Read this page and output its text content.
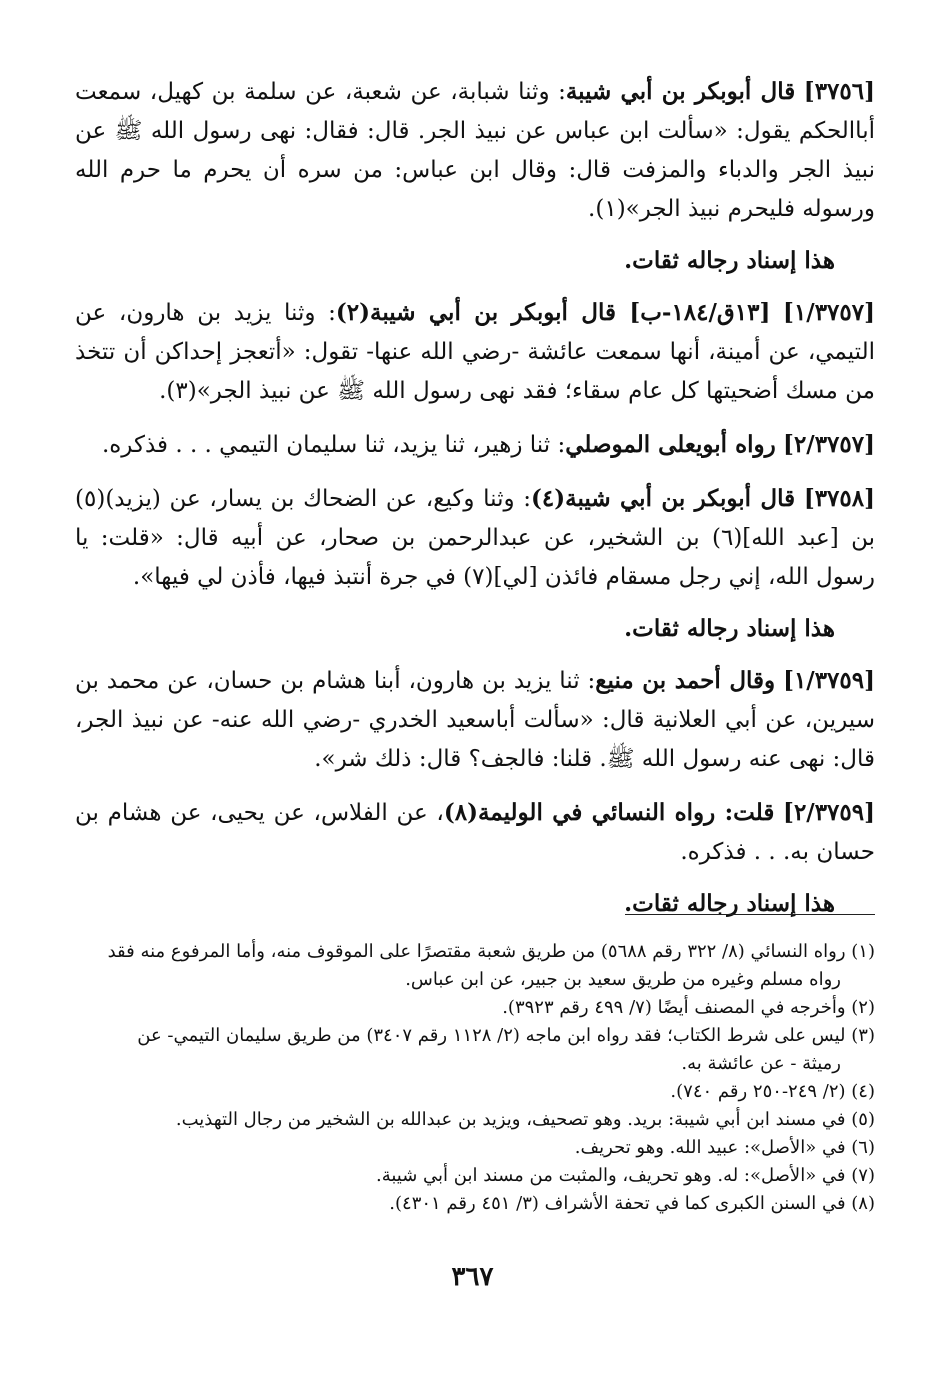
[٣٧٥٦] قال أبوبكر بن أبي شيبة: وثنا شبابة، عن شعبة، عن سلمة بن كهيل، سمعت أباالحكم يقول: «سألت ابن عباس عن نبيذ الجر. قال: فقال: نهى رسول الله ﷺ عن نبيذ الجر والدباء والمزفت قال: وقال ابن عباس: من سره أن يحرم ما حرم الله ورسوله فليحرم نبيذ الجر»(١).

هذا إسناد رجاله ثقات.

[١/٣٧٥٧] [١٣ق/١٨٤-ب] قال أبوبكر بن أبي شيبة(٢): وثنا يزيد بن هارون، عن التيمي، عن أمينة، أنها سمعت عائشة -رضي الله عنها- تقول: «أتعجز إحداكن أن تتخذ من مسك أضحيتها كل عام سقاء؛ فقد نهى رسول الله ﷺ عن نبيذ الجر»(٣).

[٢/٣٧٥٧] رواه أبويعلى الموصلي: ثنا زهير، ثنا يزيد، ثنا سليمان التيمي . . . فذكره.

[٣٧٥٨] قال أبوبكر بن أبي شيبة(٤): وثنا وكيع، عن الضحاك بن يسار، عن (يزيد)(٥) بن [عبد الله](٦) بن الشخير، عن عبدالرحمن بن صحار، عن أبيه قال: «قلت: يا رسول الله، إني رجل مسقام فائذن [لي](٧) في جرة أنتبذ فيها، فأذن لي فيها».

هذا إسناد رجاله ثقات.

[١/٣٧٥٩] وقال أحمد بن منيع: ثنا يزيد بن هارون، أبنا هشام بن حسان، عن محمد بن سيرين، عن أبي العلانية قال: «سألت أباسعيد الخدري -رضي الله عنه- عن نبيذ الجر، قال: نهى عنه رسول الله ﷺ. قلنا: فالجف؟ قال: ذلك شر».

[٢/٣٧٥٩] قلت: رواه النسائي في الوليمة(٨)، عن الفلاس، عن يحيى، عن هشام بن حسان به. . . فذكره.

هذا إسناد رجاله ثقات.

(١) رواه النسائي (٨/ ٣٢٢ رقم ٥٦٨٨) من طريق شعبة مقتصرًا على الموقوف منه، وأما المرفوع منه فقد
رواه مسلم وغيره من طريق سعيد بن جبير، عن ابن عباس.

(٢) وأخرجه في المصنف أيضًا (٧/ ٤٩٩ رقم ٣٩٢٣).

(٣) ليس على شرط الكتاب؛ فقد رواه ابن ماجه (٢/ ١١٢٨ رقم ٣٤٠٧) من طريق سليمان التيمي- عن
رميثة - عن عائشة به.

(٤) (٢/ ٢٤٩-٢٥٠ رقم ٧٤٠).

(٥) في مسند ابن أبي شيبة: بريد. وهو تصحيف، ويزيد بن عبدالله بن الشخير من رجال التهذيب.

(٦) في «الأصل»: عبيد الله. وهو تحريف.

(٧) في «الأصل»: له. وهو تحريف، والمثبت من مسند ابن أبي شيبة.

(٨) في السنن الكبرى كما في تحفة الأشراف (٣/ ٤٥١ رقم ٤٣٠١).

٣٦٧
